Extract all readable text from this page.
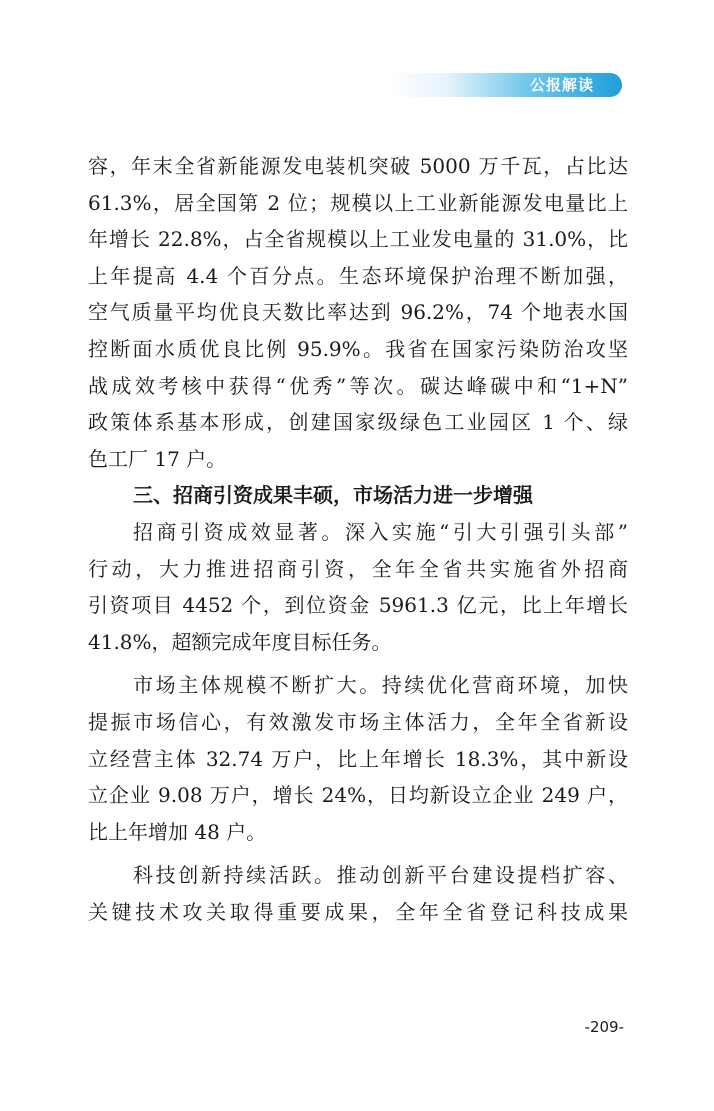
公报解读
容，年末全省新能源发电装机突破 5000 万千瓦，占比达
61.3%，居全国第 2 位；规模以上工业新能源发电量比上
年增长 22.8%，占全省规模以上工业发电量的 31.0%，比
上年提高 4.4 个百分点。生态环境保护治理不断加强，
空气质量平均优良天数比率达到 96.2%，74 个地表水国
控断面水质优良比例 95.9%。我省在国家污染防治攻坚
战成效考核中获得“优秀”等次。碳达峰碳中和“1+N”
政策体系基本形成，创建国家级绿色工业园区 1 个、绿
色工厂 17 户。
三、招商引资成果丰硕，市场活力进一步增强
招商引资成效显著。深入实施“引大引强引头部”
行动，大力推进招商引资，全年全省共实施省外招商
引资项目 4452 个，到位资金 5961.3 亿元，比上年增长
41.8%，超额完成年度目标任务。
市场主体规模不断扩大。持续优化营商环境，加快
提振市场信心，有效激发市场主体活力，全年全省新设
立经营主体 32.74 万户，比上年增长 18.3%，其中新设
立企业 9.08 万户，增长 24%，日均新设立企业 249 户，
比上年增加 48 户。
科技创新持续活跃。推动创新平台建设提档扩容、
关键技术攻关取得重要成果，全年全省登记科技成果
-209-
